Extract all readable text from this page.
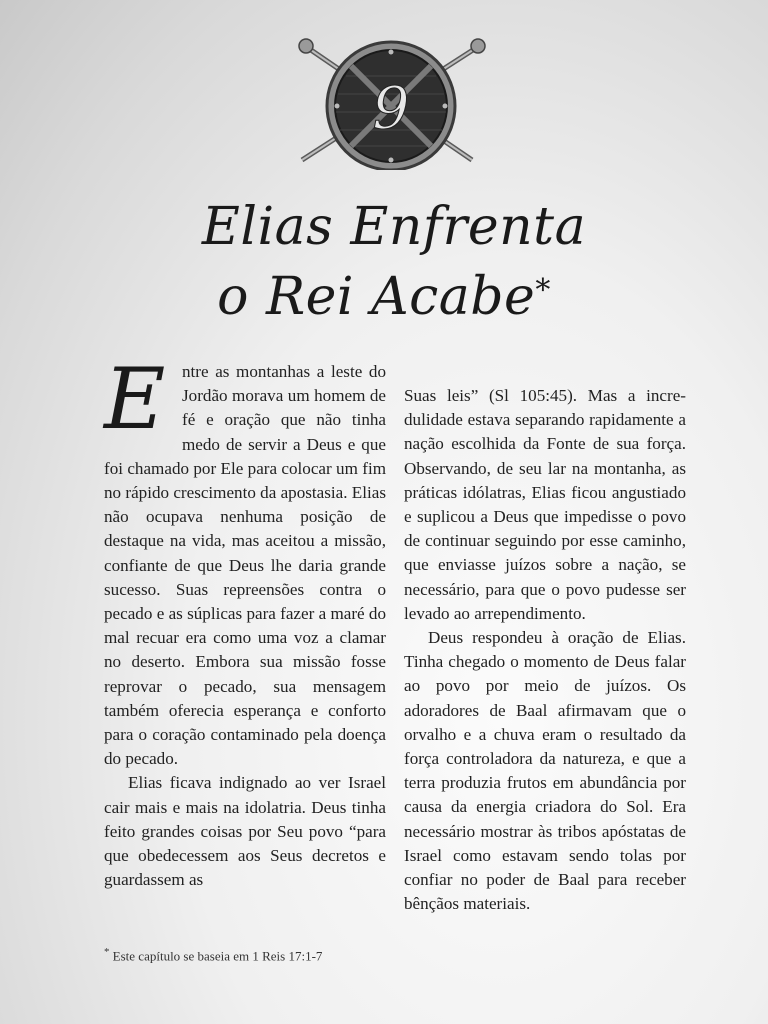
9
Elias Enfrenta
o Rei Acabe*

Entre as montanhas a leste do Jordão morava um homem de fé e oração que não tinha medo de servir a Deus e que foi chamado por Ele para colocar um fim no rápido crescimento da apostasia. Elias não ocupava nenhuma posição de destaque na vida, mas aceitou a missão, confiante de que Deus lhe daria grande sucesso. Suas repreensões contra o pecado e as súplicas para fazer a maré do mal recuar era como uma voz a clamar no deserto. Embora sua missão fosse reprovar o pecado, sua mensagem também oferecia esperança e conforto para o coração contaminado pela doença do pecado.

Elias ficava indignado ao ver Israel cair mais e mais na idolatria. Deus tinha feito grandes coisas por Seu povo “para que obedecessem aos Seus decretos e guardassem as

Suas leis” (Sl 105:45). Mas a incredulidade estava separando rapidamente a nação escolhida da Fonte de sua força. Observando, de seu lar na montanha, as práticas idólatras, Elias ficou angustiado e suplicou a Deus que impedisse o povo de continuar seguindo por esse caminho, que enviasse juízos sobre a nação, se necessário, para que o povo pudesse ser levado ao arrependimento.

Deus respondeu à oração de Elias. Tinha chegado o momento de Deus falar ao povo por meio de juízos. Os adoradores de Baal afirmavam que o orvalho e a chuva eram o resultado da força controladora da natureza, e que a terra produzia frutos em abundância por causa da energia criadora do Sol. Era necessário mostrar às tribos apóstatas de Israel como estavam sendo tolas por confiar no poder de Baal para receber bênçãos materiais.

* Este capítulo se baseia em 1 Reis 17:1-7
